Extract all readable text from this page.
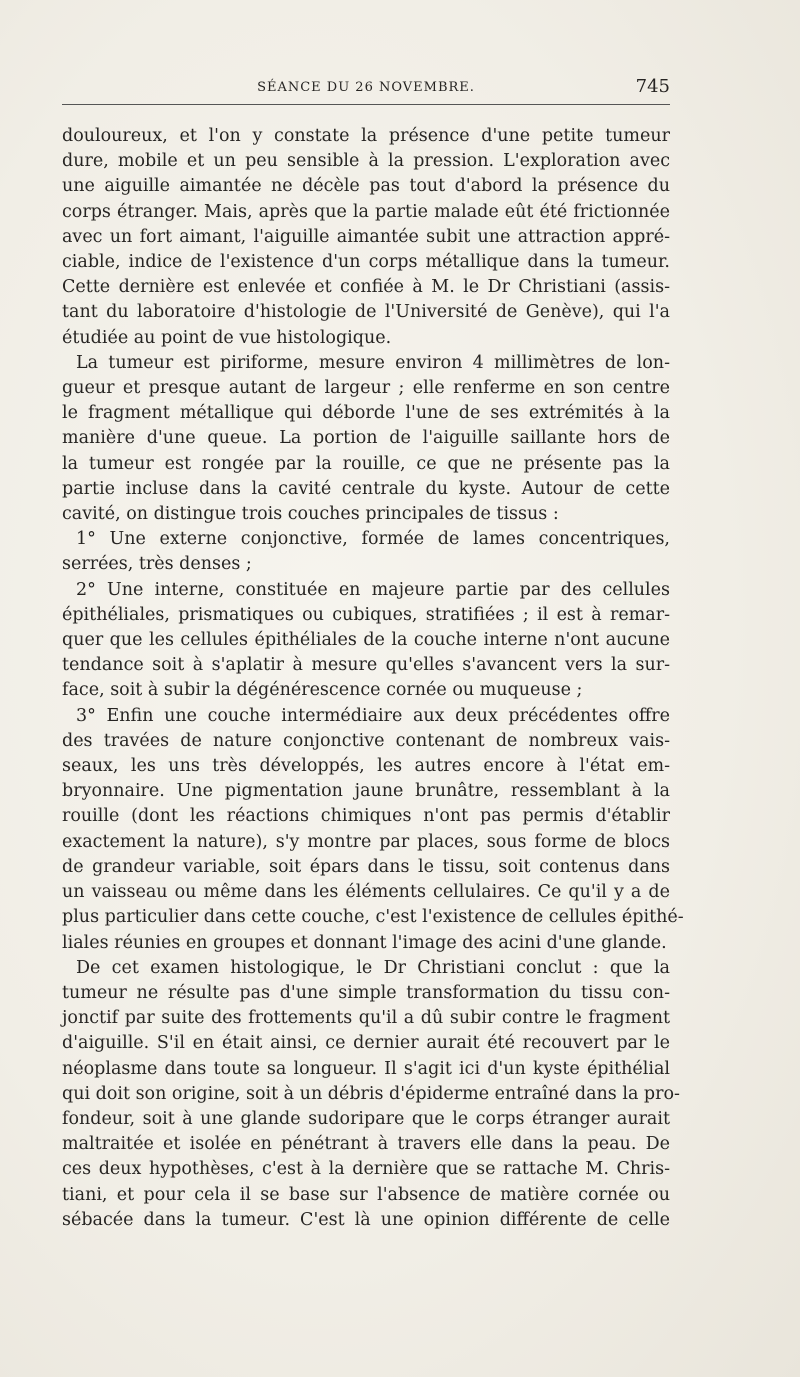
SÉANCE DU 26 NOVEMBRE.	745
douloureux, et l'on y constate la présence d'une petite tumeur
dure, mobile et un peu sensible à la pression. L'exploration avec
une aiguille aimantée ne décèle pas tout d'abord la présence du
corps étranger. Mais, après que la partie malade eût été frictionnée
avec un fort aimant, l'aiguille aimantée subit une attraction appré-
ciable, indice de l'existence d'un corps métallique dans la tumeur.
Cette dernière est enlevée et confiée à M. le Dr Christiani (assis-
tant du laboratoire d'histologie de l'Université de Genève), qui l'a
étudiée au point de vue histologique.
La tumeur est piriforme, mesure environ 4 millimètres de lon-
gueur et presque autant de largeur ; elle renferme en son centre
le fragment métallique qui déborde l'une de ses extrémités à la
manière d'une queue. La portion de l'aiguille saillante hors de
la tumeur est rongée par la rouille, ce que ne présente pas la
partie incluse dans la cavité centrale du kyste. Autour de cette
cavité, on distingue trois couches principales de tissus :
1° Une externe conjonctive, formée de lames concentriques,
serrées, très denses ;
2° Une interne, constituée en majeure partie par des cellules
épithéliales, prismatiques ou cubiques, stratifiées ; il est à remar-
quer que les cellules épithéliales de la couche interne n'ont aucune
tendance soit à s'aplatir à mesure qu'elles s'avancent vers la sur-
face, soit à subir la dégénérescence cornée ou muqueuse ;
3° Enfin une couche intermédiaire aux deux précédentes offre
des travées de nature conjonctive contenant de nombreux vais-
seaux, les uns très développés, les autres encore à l'état em-
bryonnaire. Une pigmentation jaune brunâtre, ressemblant à la
rouille (dont les réactions chimiques n'ont pas permis d'établir
exactement la nature), s'y montre par places, sous forme de blocs
de grandeur variable, soit épars dans le tissu, soit contenus dans
un vaisseau ou même dans les éléments cellulaires. Ce qu'il y a de
plus particulier dans cette couche, c'est l'existence de cellules épithé-
liales réunies en groupes et donnant l'image des acini d'une glande.
De cet examen histologique, le Dr Christiani conclut : que la
tumeur ne résulte pas d'une simple transformation du tissu con-
jonctif par suite des frottements qu'il a dû subir contre le fragment
d'aiguille. S'il en était ainsi, ce dernier aurait été recouvert par le
néoplasme dans toute sa longueur. Il s'agit ici d'un kyste épithélial
qui doit son origine, soit à un débris d'épiderme entraîné dans la pro-
fondeur, soit à une glande sudoripare que le corps étranger aurait
maltraitée et isolée en pénétrant à travers elle dans la peau. De
ces deux hypothèses, c'est à la dernière que se rattache M. Chris-
tiani, et pour cela il se base sur l'absence de matière cornée ou
sébacée dans la tumeur. C'est là une opinion différente de celle
